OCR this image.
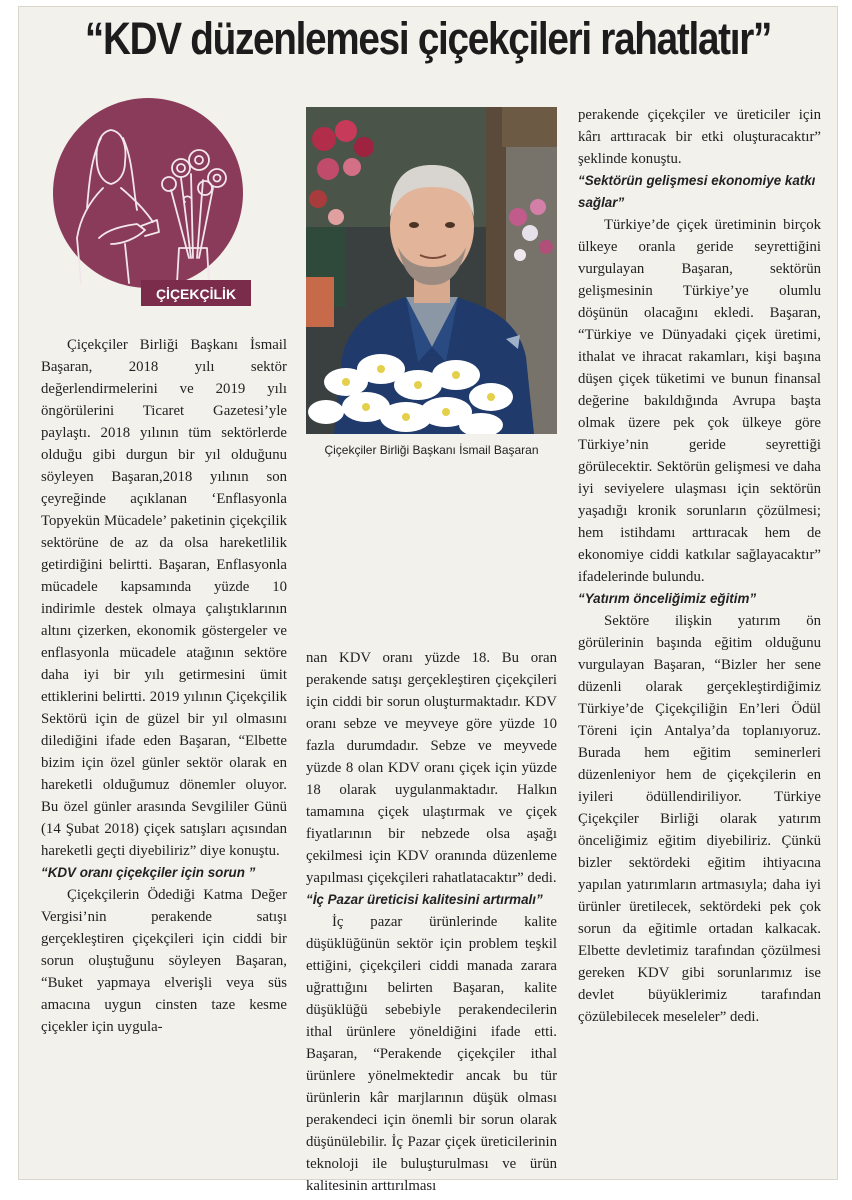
“KDV düzenlemesi çiçekçileri rahatlatır”
ÇİÇEKÇİLİK
Çiçekçiler Birliği Başkanı İsmail Başaran

Çiçekçiler Birliği Başkanı İsmail Başaran, 2018 yılı sektör değerlendirmelerini ve 2019 yılı öngörülerini Ticaret Gazetesi’yle paylaştı. 2018 yılının tüm sektörlerde olduğu gibi durgun bir yıl olduğunu söyleyen Başaran,2018 yılının son çeyreğinde açıklanan ‘Enflasyonla Topyekün Mücadele’ paketinin çiçekçilik sektörüne de az da olsa hareketlilik getirdiğini belirtti. Başaran, Enflasyonla mücadele kapsamında yüzde 10 indirimle destek olmaya çalıştıklarının altını çizerken, ekonomik göstergeler ve enflasyonla mücadele atağının sektöre daha iyi bir yılı getirmesini ümit ettiklerini belirtti. 2019 yılının Çiçekçilik Sektörü için de güzel bir yıl olmasını dilediğini ifade eden Başaran, “Elbette bizim için özel günler sektör olarak en hareketli olduğumuz dönemler oluyor. Bu özel günler arasında Sevgililer Günü (14 Şubat 2018) çiçek satışları açısından hareketli geçti diyebiliriz” diye konuştu.

“KDV oranı çiçekçiler için sorun ”

Çiçekçilerin Ödediği Katma Değer Vergisi’nin perakende satışı gerçekleştiren çiçekçileri için ciddi bir sorun oluştuğunu söyleyen Başaran, “Buket yapmaya elverişli veya süs amacına uygun cinsten taze kesme çiçekler için uygula-

nan KDV oranı yüzde 18. Bu oran perakende satışı gerçekleştiren çiçekçileri için ciddi bir sorun oluşturmaktadır. KDV oranı sebze ve meyveye göre yüzde 10 fazla durumdadır. Sebze ve meyvede yüzde 8 olan KDV oranı çiçek için yüzde 18 olarak uygulanmaktadır. Halkın tamamına çiçek ulaştırmak ve çiçek fiyatlarının bir nebzede olsa aşağı çekilmesi için KDV oranında düzenleme yapılması çiçekçileri rahatlatacaktır” dedi.

“İç Pazar üreticisi kalitesini artırmalı”

İç pazar ürünlerinde kalite düşüklüğünün sektör için problem teşkil ettiğini, çiçekçileri ciddi manada zarara uğrattığını belirten Başaran, kalite düşüklüğü sebebiyle perakendecilerin ithal ürünlere yöneldiğini ifade etti. Başaran, “Perakende çiçekçiler ithal ürünlere yönelmektedir ancak bu tür ürünlerin kâr marjlarının düşük olması perakendeci için önemli bir sorun olarak düşünülebilir. İç Pazar çiçek üreticilerinin teknoloji ile buluşturulması ve ürün kalitesinin arttırılması

perakende çiçekçiler ve üreticiler için kârı arttıracak bir etki oluşturacaktır” şeklinde konuştu.

“Sektörün gelişmesi ekonomiye katkı sağlar”

Türkiye’de çiçek üretiminin birçok ülkeye oranla geride seyrettiğini vurgulayan Başaran, sektörün gelişmesinin Türkiye’ye olumlu döşünün olacağını ekledi. Başaran, “Türkiye ve Dünyadaki çiçek üretimi, ithalat ve ihracat rakamları, kişi başına düşen çiçek tüketimi ve bunun finansal değerine bakıldığında Avrupa başta olmak üzere pek çok ülkeye göre Türkiye’nin geride seyrettiği görülecektir. Sektörün gelişmesi ve daha iyi seviyelere ulaşması için sektörün yaşadığı kronik sorunların çözülmesi; hem istihdamı arttıracak hem de ekonomiye ciddi katkılar sağlayacaktır” ifadelerinde bulundu.

“Yatırım önceliğimiz eğitim”

Sektöre ilişkin yatırım ön görülerinin başında eğitim olduğunu vurgulayan Başaran, “Bizler her sene düzenli olarak gerçekleştirdiğimiz Türkiye’de Çiçekçiliğin En’leri Ödül Töreni için Antalya’da toplanıyoruz. Burada hem eğitim seminerleri düzenleniyor hem de çiçekçilerin en iyileri ödüllendiriliyor. Türkiye Çiçekçiler Birliği olarak yatırım önceliğimiz eğitim diyebiliriz. Çünkü bizler sektördeki eğitim ihtiyacına yapılan yatırımların artmasıyla; daha iyi ürünler üretilecek, sektördeki pek çok sorun da eğitimle ortadan kalkacak. Elbette devletimiz tarafından çözülmesi gereken KDV gibi sorunlarımız ise devlet büyüklerimiz tarafından çözülebilecek meseleler” dedi.
